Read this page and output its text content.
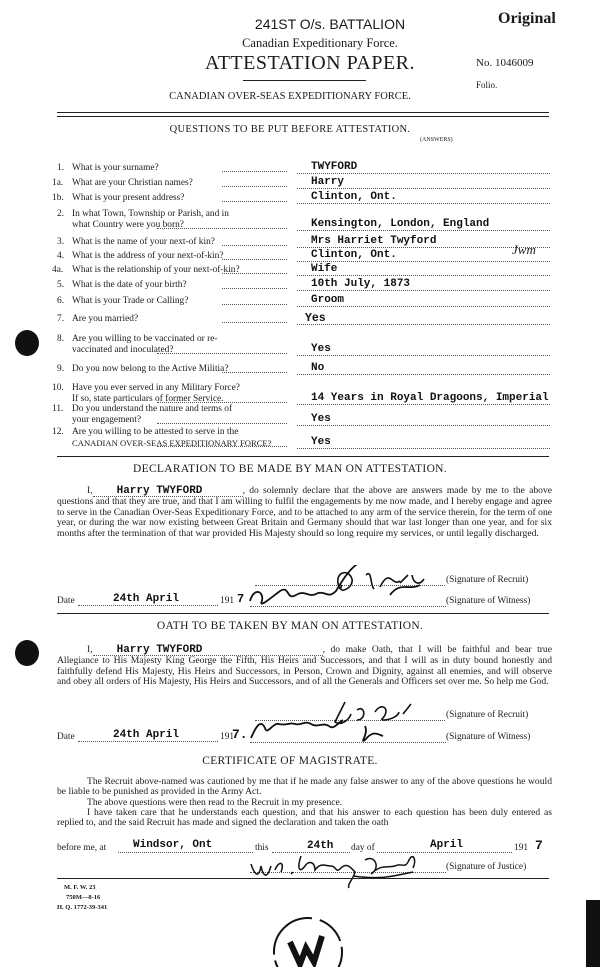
241ST O/s. BATTALION
Canadian Expeditionary Force.
ATTESTATION PAPER.
Original
No. 1046009
Folio.
CANADIAN OVER-SEAS EXPEDITIONARY FORCE.
QUESTIONS TO BE PUT BEFORE ATTESTATION.
(ANSWERS)
1. What is your surname?	TWYFORD
1a. What are your Christian names?	Harry
1b. What is your present address?	Clinton, Ont.
2. In what Town, Township or Parish, and in
what Country were you born?	Kensington, London, England
3. What is the name of your next-of kin?	Mrs Harriet Twyford
4. What is the address of your next-of-kin?	Clinton, Ont.
4a. What is the relationship of your next-of-kin?	Wife
5. What is the date of your birth?	10th July, 1873
6. What is your Trade or Calling?	Groom
7. Are you married?	Yes
8. Are you willing to be vaccinated or re-
vaccinated and inoculated?	Yes
9. Do you now belong to the Active Militia?	No
10. Have you ever served in any Military Force?
If so, state particulars of former Service.	14 Years in Royal Dragoons, Imperial
11. Do you understand the nature and terms of
your engagement?	Yes
12. Are you willing to be attested to serve in the
CANADIAN OVER-SEAS EXPEDITIONARY FORCE?	Yes
Jwm
DECLARATION TO BE MADE BY MAN ON ATTESTATION.
I, Harry TWYFORD	, do solemnly declare that the above are answers made by me to the above questions and that they are true, and that I am willing to fulfil the engagements by me now made, and I hereby engage and agree to serve in the Canadian Over-Seas Expeditionary Force, and to be attached to any arm of the service therein, for the term of one year, or during the war now existing between Great Britain and Germany should that war last longer than one year, and for six months after the termination of that war provided His Majesty should so long require my services, or until legally discharged.
(Signature of Recruit)
Date	24th April	191 7	(Signature of Witness)
OATH TO BE TAKEN BY MAN ON ATTESTATION.
I, Harry TWYFORD	, do make Oath, that I will be faithful and bear true Allegiance to His Majesty King George the Fifth, His Heirs and Successors, and that I will as in duty bound honestly and faithfully defend His Majesty, His Heirs and Successors, in Person, Crown and Dignity, against all enemies, and will observe and obey all orders of His Majesty, His Heirs and Successors, and of all the Generals and Officers set over me. So help me God.
(Signature of Recruit)
Date	24th April	191
7.	(Signature of Witness)
CERTIFICATE OF MAGISTRATE.
The Recruit above-named was cautioned by me that if he made any false answer to any of the above questions he would be liable to be punished as provided in the Army Act.
The above questions were then read to the Recruit in my presence.
I have taken care that he understands each question, and that his answer to each question has been duly entered as replied to, and the said Recruit has made and signed the declaration and taken the oath
before me, at Windsor, Ont	this	24th day of	April	191 7
(Signature of Justice)
M. F. W. 23
750M—8-16
H. Q. 1772-39-341
